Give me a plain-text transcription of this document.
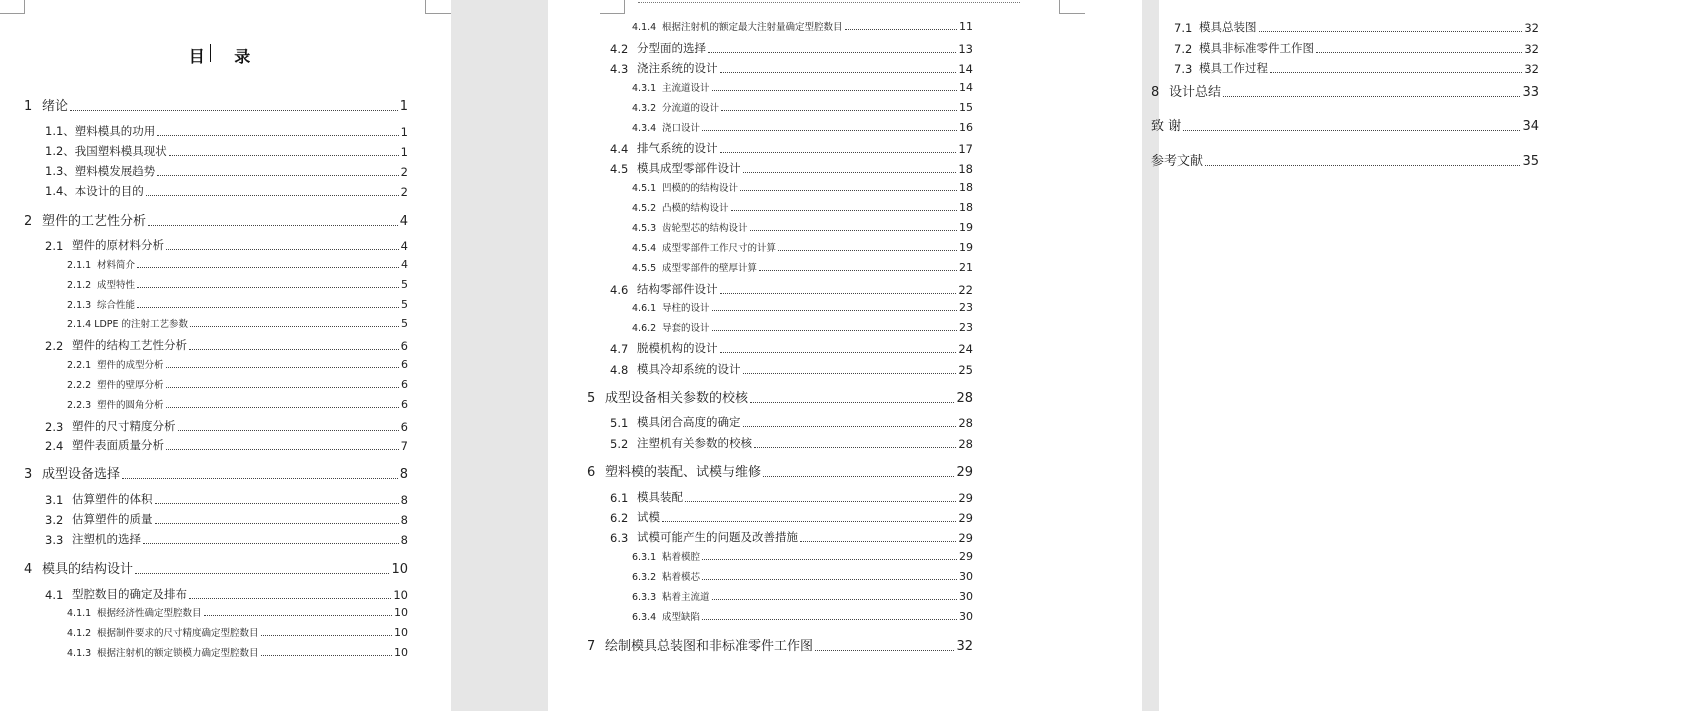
目 录
1 绪论	1
1.1、塑料模具的功用	1
1.2、我国塑料模具现状	1
1.3、塑料模发展趋势	2
1.4、本设计的目的	2
2 塑件的工艺性分析	4
2.1 塑件的原材料分析	4
2.1.1 材料简介	4
2.1.2 成型特性	5
2.1.3 综合性能	5
2.1.4 LDPE 的注射工艺参数	5
2.2 塑件的结构工艺性分析	6
2.2.1 塑件的成型分析	6
2.2.2 塑件的壁厚分析	6
2.2.3 塑件的圆角分析	6
2.3 塑件的尺寸精度分析	6
2.4 塑件表面质量分析	7
3 成型设备选择	8
3.1 估算塑件的体积	8
3.2 估算塑件的质量	8
3.3 注塑机的选择	8
4 模具的结构设计	10
4.1 型腔数目的确定及排布	10
4.1.1 根据经济性确定型腔数目	10
4.1.2 根据制件要求的尺寸精度确定型腔数目	10
4.1.3 根据注射机的额定锁模力确定型腔数目	10
4.1.4 根据注射机的额定最大注射量确定型腔数目	11
4.2 分型面的选择	13
4.3 浇注系统的设计	14
4.3.1 主流道设计	14
4.3.2 分流道的设计	15
4.3.4 浇口设计	16
4.4 排气系统的设计	17
4.5 模具成型零部件设计	18
4.5.1 凹模的的结构设计	18
4.5.2 凸模的结构设计	18
4.5.3 齿轮型芯的结构设计	19
4.5.4 成型零部件工作尺寸的计算	19
4.5.5 成型零部件的壁厚计算	21
4.6 结构零部件设计	22
4.6.1 导柱的设计	23
4.6.2 导套的设计	23
4.7 脱模机构的设计	24
4.8 模具冷却系统的设计	25
5 成型设备相关参数的校核	28
5.1 模具闭合高度的确定	28
5.2 注塑机有关参数的校核	28
6 塑料模的装配、试模与维修	29
6.1 模具装配	29
6.2 试模	29
6.3 试模可能产生的问题及改善措施	29
6.3.1 粘着模腔	29
6.3.2 粘着模芯	30
6.3.3 粘着主流道	30
6.3.4 成型缺陷	30
7 绘制模具总装图和非标准零件工作图	32
7.1 模具总装图	32
7.2 模具非标准零件工作图	32
7.3 模具工作过程	32
8 设计总结	33
致 谢	34
参考文献	35
